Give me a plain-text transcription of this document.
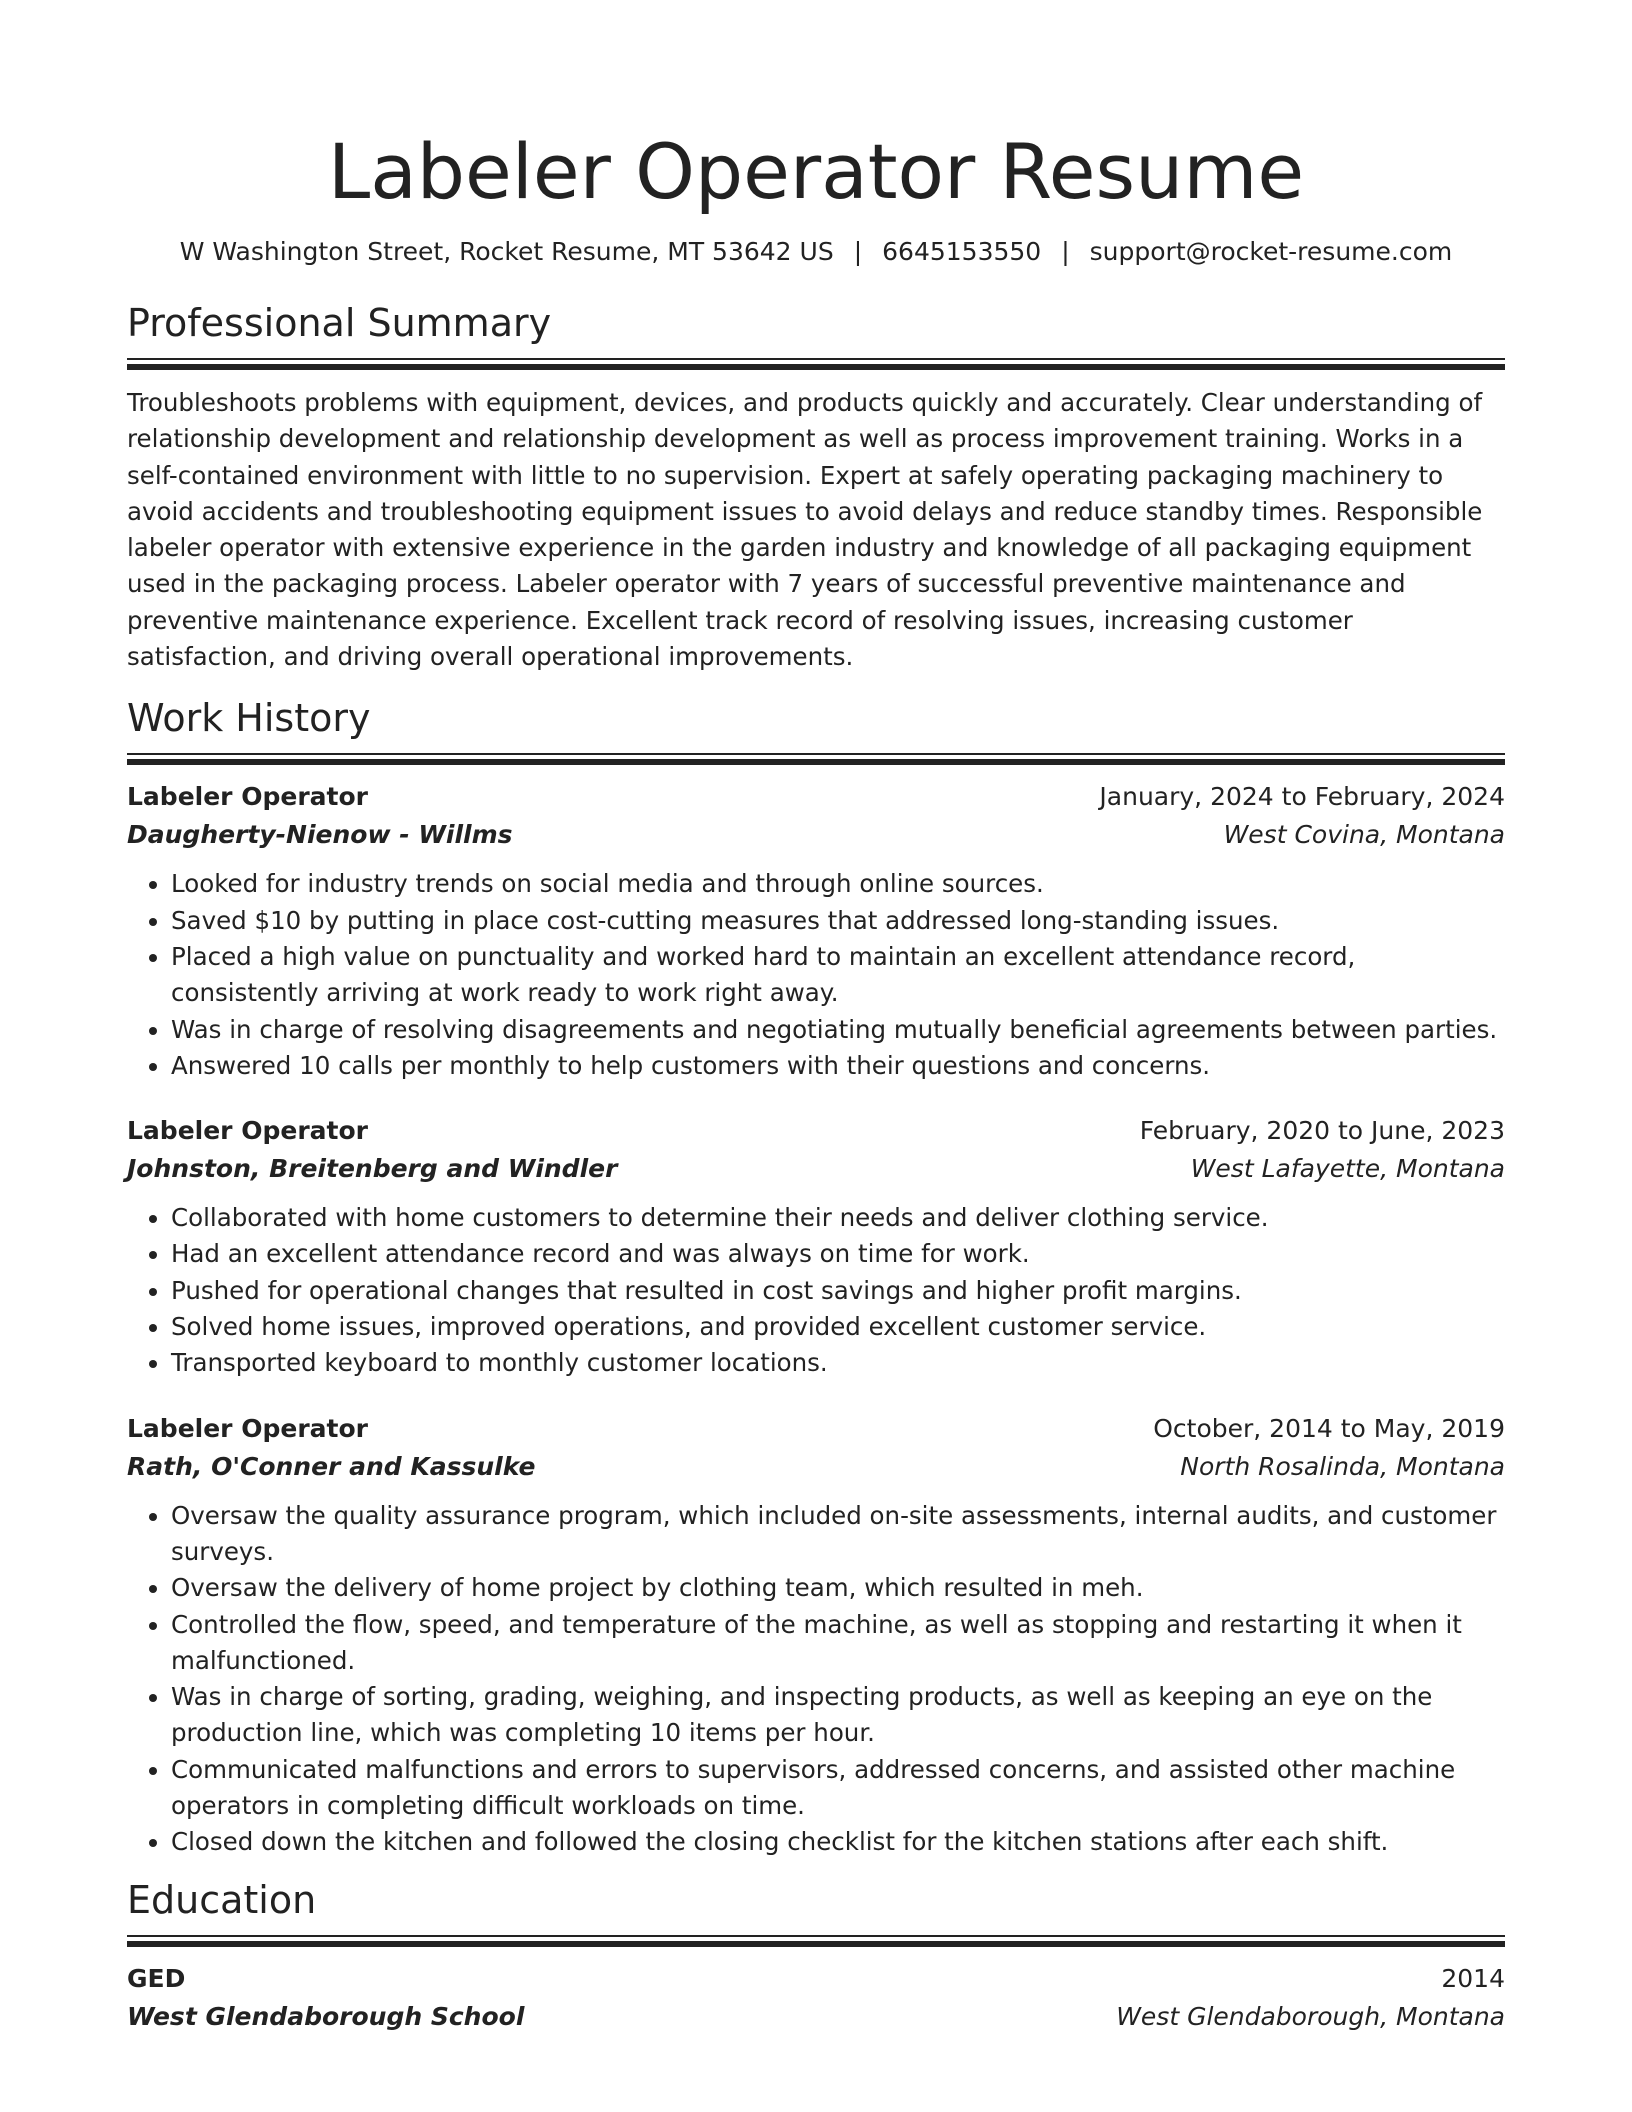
Labeler Operator Resume
W Washington Street, Rocket Resume, MT 53642 US | 6645153550 | support@rocket-resume.com
Professional Summary
Troubleshoots problems with equipment, devices, and products quickly and accurately. Clear understanding of relationship development and relationship development as well as process improvement training. Works in a self-contained environment with little to no supervision. Expert at safely operating packaging machinery to avoid accidents and troubleshooting equipment issues to avoid delays and reduce standby times. Responsible labeler operator with extensive experience in the garden industry and knowledge of all packaging equipment used in the packaging process. Labeler operator with 7 years of successful preventive maintenance and preventive maintenance experience. Excellent track record of resolving issues, increasing customer satisfaction, and driving overall operational improvements.
Work History
Labeler Operator	January, 2024 to February, 2024
Daugherty-Nienow - Willms	West Covina, Montana
• Looked for industry trends on social media and through online sources.
• Saved $10 by putting in place cost-cutting measures that addressed long-standing issues.
• Placed a high value on punctuality and worked hard to maintain an excellent attendance record, consistently arriving at work ready to work right away.
• Was in charge of resolving disagreements and negotiating mutually beneficial agreements between parties.
• Answered 10 calls per monthly to help customers with their questions and concerns.
Labeler Operator	February, 2020 to June, 2023
Johnston, Breitenberg and Windler	West Lafayette, Montana
• Collaborated with home customers to determine their needs and deliver clothing service.
• Had an excellent attendance record and was always on time for work.
• Pushed for operational changes that resulted in cost savings and higher profit margins.
• Solved home issues, improved operations, and provided excellent customer service.
• Transported keyboard to monthly customer locations.
Labeler Operator	October, 2014 to May, 2019
Rath, O'Conner and Kassulke	North Rosalinda, Montana
• Oversaw the quality assurance program, which included on-site assessments, internal audits, and customer surveys.
• Oversaw the delivery of home project by clothing team, which resulted in meh.
• Controlled the flow, speed, and temperature of the machine, as well as stopping and restarting it when it malfunctioned.
• Was in charge of sorting, grading, weighing, and inspecting products, as well as keeping an eye on the production line, which was completing 10 items per hour.
• Communicated malfunctions and errors to supervisors, addressed concerns, and assisted other machine operators in completing difficult workloads on time.
• Closed down the kitchen and followed the closing checklist for the kitchen stations after each shift.
Education
GED	2014
West Glendaborough School	West Glendaborough, Montana
